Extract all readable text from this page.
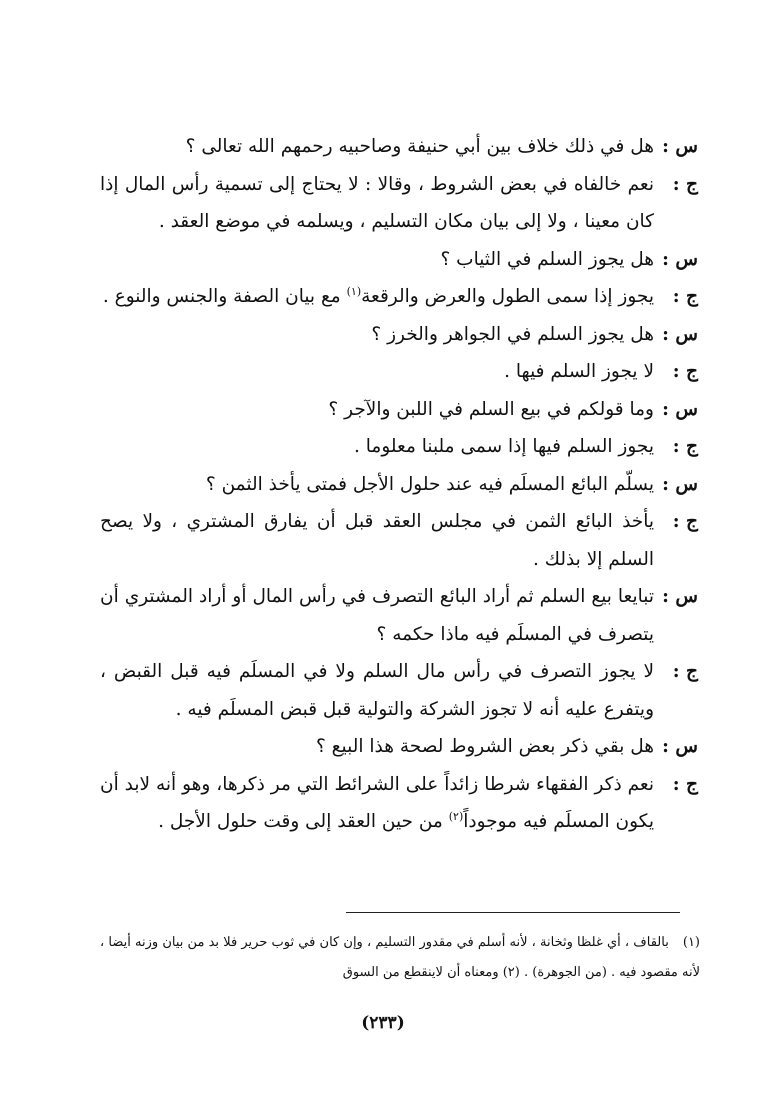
س :
هل في ذلك خلاف بين أبي حنيفة وصاحبيه رحمهم الله تعالى ؟
ج :
نعم خالفاه في بعض الشروط ، وقالا : لا يحتاج إلى تسمية رأس المال إذا كان معينا ، ولا إلى بيان مكان التسليم ، ويسلمه في موضع العقد .
س :
هل يجوز السلم في الثياب ؟
ج :
يجوز إذا سمى الطول والعرض والرقعة$^{(١)}$ مع بيان الصفة والجنس والنوع .
س :
هل يجوز السلم في الجواهر والخرز ؟
ج :
لا يجوز السلم فيها .
س :
وما قولكم في بيع السلم في اللبن والآجر ؟
ج :
يجوز السلم فيها إذا سمى ملبنا معلوما .
س :
يسلّم البائع المسلَم فيه عند حلول الأجل فمتى يأخذ الثمن ؟
ج :
يأخذ البائع الثمن في مجلس العقد قبل أن يفارق المشتري ، ولا يصح السلم إلا بذلك .
س :
تبايعا بيع السلم ثم أراد البائع التصرف في رأس المال أو أراد المشتري أن يتصرف في المسلَم فيه ماذا حكمه ؟
ج :
لا يجوز التصرف في رأس مال السلم ولا في المسلَم فيه قبل القبض ، ويتفرع عليه أنه لا تجوز الشركة والتولية قبل قبض المسلَم فيه .
س :
هل بقي ذكر بعض الشروط لصحة هذا البيع ؟
ج :
نعم ذكر الفقهاء شرطا زائداً على الشرائط التي مر ذكرها، وهو أنه لابد أن يكون المسلَم فيه موجوداً$^{(٢)}$ من حين العقد إلى وقت حلول الأجل .
(١)بالقاف ، أي غلظا وثخانة ، لأنه أسلم في مقدور التسليم ، وإن كان في ثوب حرير فلا بد من بيان وزنه أيضا ، لأنه مقصود فيه . (من الجوهرة) . (٢) ومعناه أن لاينقطع من السوق
(٢٣٣)
